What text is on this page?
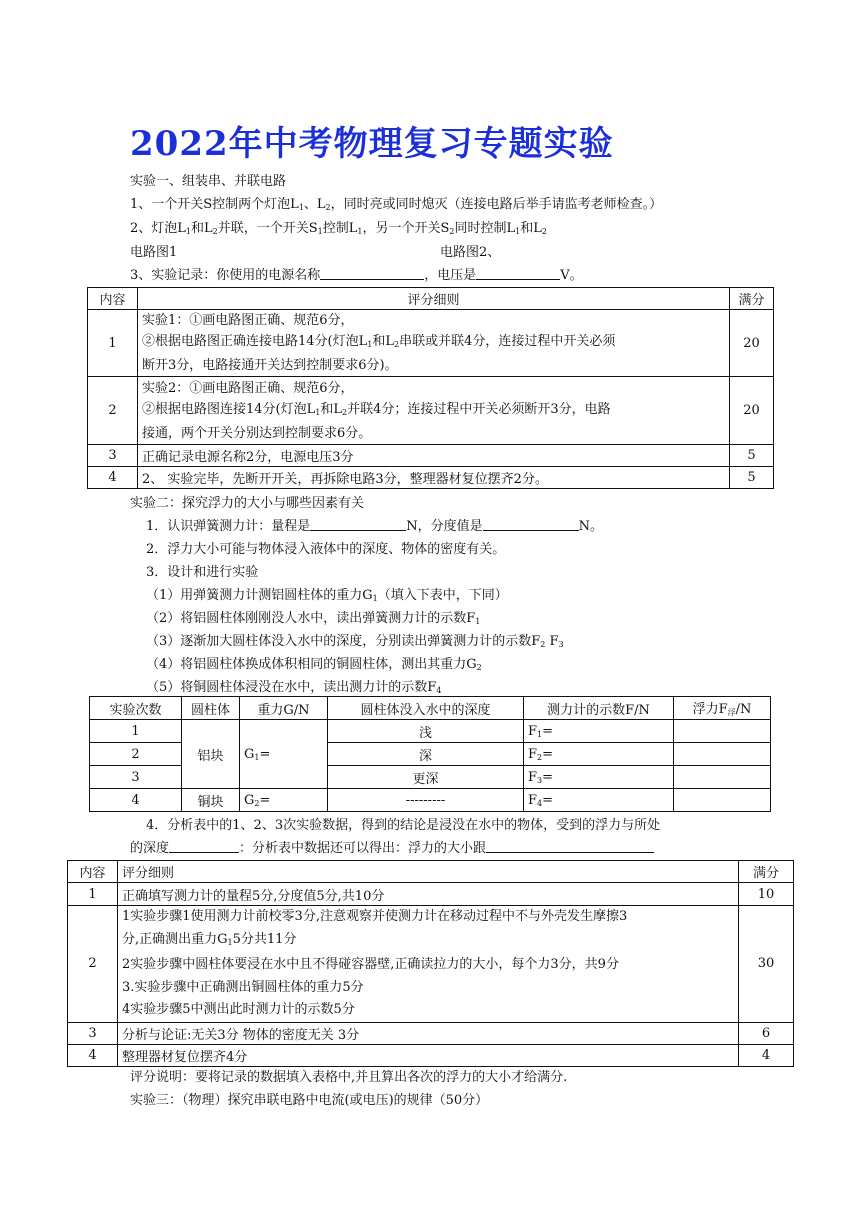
2022年中考物理复习专题实验
实验一、组装串、并联电路
1、一个开关S控制两个灯泡$L_1$、$L_2$，同时亮或同时熄灭（连接电路后举手请监考老师检查。）
2、灯泡$L_1$和$L_2$并联，一个开关$S_1$控制$L_1$，另一个开关$S_2$同时控制$L_1$和$L_2$
电路图1	电路图2、
3、实验记录：你使用的电源名称	，电压是	V。
内容	评分细则	满分
1	实验1：①画电路图正确、规范6分，
②根据电路图正确连接电路14分(灯泡$L_1$和$L_2$串联或并联4分，连接过程中开关必须
断开3分，电路接通开关达到控制要求6分)。	20
2	实验2：①画电路图正确、规范6分，
②根据电路图连接14分(灯泡$L_1$和$L_2$并联4分；连接过程中开关必须断开3分，电路
接通，两个开关分别达到控制要求6分。	20
3	正确记录电源名称2分，电源电压3分	5
4	2、 实验完毕，先断开开关，再拆除电路3分，整理器材复位摆齐2分。	5
实验二：探究浮力的大小与哪些因素有关
1．认识弹簧测力计：量程是	N，分度值是	N。
2．浮力大小可能与物体浸入液体中的深度、物体的密度有关。
3．设计和进行实验
（1）用弹簧测力计测铝圆柱体的重力$G_1$（填入下表中，下同）
（2）将铝圆柱体刚刚没人水中，读出弹簧测力计的示数$F_1$
（3）逐渐加大圆柱体没入水中的深度，分别读出弹簧测力计的示数$F_2$ $F_3$
（4）将铝圆柱体换成体积相同的铜圆柱体，测出其重力$G_2$
（5）将铜圆柱体浸没在水中，读出测力计的示数$F_4$
实验次数	圆柱体	重力G/N	圆柱体没入水中的深度	测力计的示数F/N	浮力$F_浮/N$
1	铝块	$G_1=$	浅	$F_1=$	
2			深	$F_2=$	
3			更深	$F_3=$	
4	铜块	$G_2=$	---------	$F_4=$	
4．分析表中的1、2、3次实验数据，得到的结论是浸没在水中的物体，受到的浮力与所处
的深度	：分析表中数据还可以得出：浮力的大小跟
内容	评分细则	满分
1	正确填写测力计的量程5分,分度值5分,共10分	10
2	1实验步骤1使用测力计前校零3分,注意观察并使测力计在移动过程中不与外壳发生摩擦3
分,正确测出重力$G_15$分共11分
2实验步骤中圆柱体要浸在水中且不得碰容器壁,正确读拉力的大小，每个力3分，共9分
3.实验步骤中正确测出铜圆柱体的重力5分
4实验步骤5中测出此时测力计的示数5分	30
3	分析与论证:无关3分 物体的密度无关 3分	6
4	整理器材复位摆齐4分	4
评分说明：要将记录的数据填入表格中,并且算出各次的浮力的大小才给满分.
实验三：（物理）探究串联电路中电流(或电压)的规律（50分）
